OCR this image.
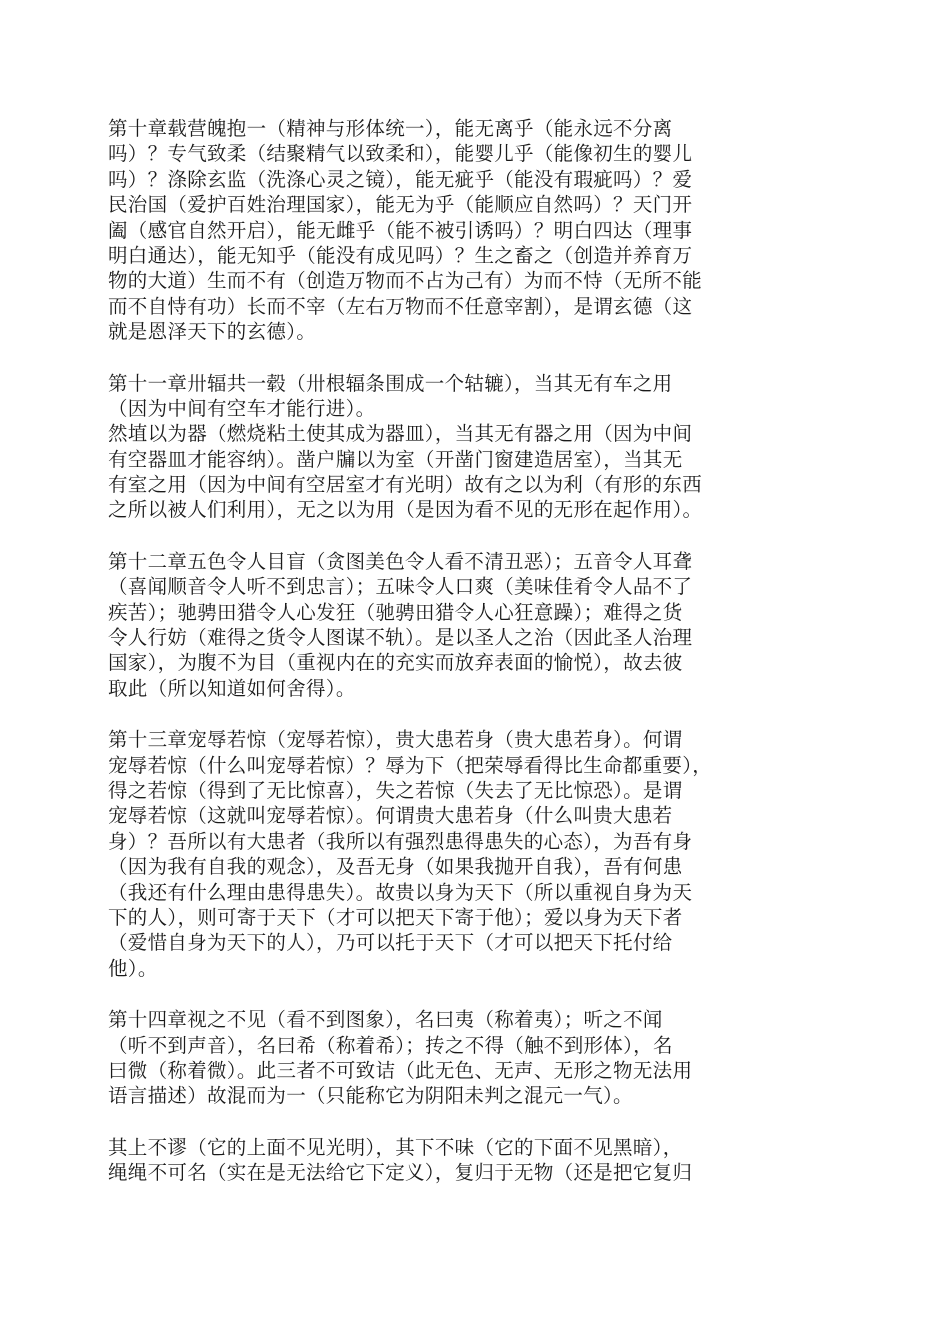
第十章载营魄抱一（精神与形体统一），能无离乎（能永远不分离
吗）？专气致柔（结聚精气以致柔和），能婴儿乎（能像初生的婴儿
吗）？涤除玄监（洗涤心灵之镜），能无疵乎（能没有瑕疵吗）？爱
民治国（爱护百姓治理国家），能无为乎（能顺应自然吗）？天门开
阖（感官自然开启），能无雌乎（能不被引诱吗）？明白四达（理事
明白通达），能无知乎（能没有成见吗）？生之畜之（创造并养育万
物的大道）生而不有（创造万物而不占为己有）为而不恃（无所不能
而不自恃有功）长而不宰（左右万物而不任意宰割），是谓玄德（这
就是恩泽天下的玄德）。
第十一章卅辐共一毂（卅根辐条围成一个轱辘），当其无有车之用
（因为中间有空车才能行进）。
然埴以为器（燃烧粘土使其成为器皿），当其无有器之用（因为中间
有空器皿才能容纳）。凿户牖以为室（开凿门窗建造居室），当其无
有室之用（因为中间有空居室才有光明）故有之以为利（有形的东西
之所以被人们利用），无之以为用（是因为看不见的无形在起作用）。
第十二章五色令人目盲（贪图美色令人看不清丑恶）；五音令人耳聋
（喜闻顺音令人听不到忠言）；五味令人口爽（美味佳肴令人品不了
疾苦）；驰骋田猎令人心发狂（驰骋田猎令人心狂意躁）；难得之货
令人行妨（难得之货令人图谋不轨）。是以圣人之治（因此圣人治理
国家），为腹不为目（重视内在的充实而放弃表面的愉悦），故去彼
取此（所以知道如何舍得）。
第十三章宠辱若惊（宠辱若惊），贵大患若身（贵大患若身）。何谓
宠辱若惊（什么叫宠辱若惊）？辱为下（把荣辱看得比生命都重要），
得之若惊（得到了无比惊喜），失之若惊（失去了无比惊恐）。是谓
宠辱若惊（这就叫宠辱若惊）。何谓贵大患若身（什么叫贵大患若
身）？吾所以有大患者（我所以有强烈患得患失的心态），为吾有身
（因为我有自我的观念），及吾无身（如果我抛开自我），吾有何患
（我还有什么理由患得患失）。故贵以身为天下（所以重视自身为天
下的人），则可寄于天下（才可以把天下寄于他）；爱以身为天下者
（爱惜自身为天下的人），乃可以托于天下（才可以把天下托付给
他）。
第十四章视之不见（看不到图象），名曰夷（称着夷）；听之不闻
（听不到声音），名曰希（称着希）；抟之不得（触不到形体），名
曰微（称着微）。此三者不可致诘（此无色、无声、无形之物无法用
语言描述）故混而为一（只能称它为阴阳未判之混元一气）。
其上不谬（它的上面不见光明），其下不味（它的下面不见黑暗），
绳绳不可名（实在是无法给它下定义），复归于无物（还是把它复归
